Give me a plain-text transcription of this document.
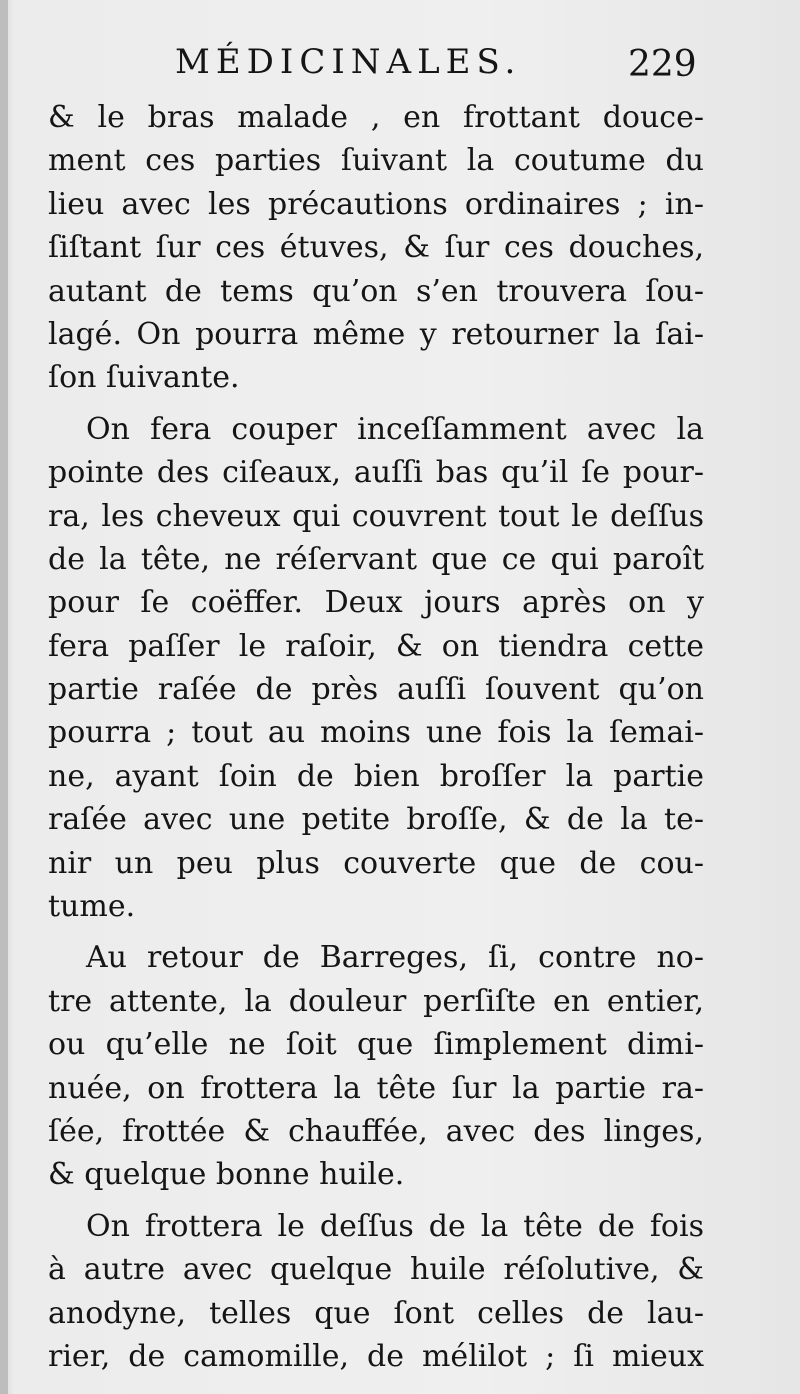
MÉDICINALES.	229
& le bras malade , en frottant douce-
ment ces parties ſuivant la coutume du
lieu avec les précautions ordinaires ; in-
ſiſtant ſur ces étuves, & ſur ces douches,
autant de tems qu’on s’en trouvera ſou-
lagé. On pourra même y retourner la ſai-
ſon ſuivante.
On fera couper inceſſamment avec la
pointe des ciſeaux, auſſi bas qu’il ſe pour-
ra, les cheveux qui couvrent tout le deſſus
de la tête, ne réſervant que ce qui paroît
pour ſe coëffer. Deux jours après on y
fera paſſer le raſoir, & on tiendra cette
partie raſée de près auſſi ſouvent qu’on
pourra ; tout au moins une fois la ſemai-
ne, ayant ſoin de bien broſſer la partie
raſée avec une petite broſſe, & de la te-
nir un peu plus couverte que de cou-
tume.
Au retour de Barreges, ſi, contre no-
tre attente, la douleur perſiſte en entier,
ou qu’elle ne ſoit que ſimplement dimi-
nuée, on frottera la tête ſur la partie ra-
ſée, frottée & chauffée, avec des linges,
& quelque bonne huile.
On frottera le deſſus de la tête de fois
à autre avec quelque huile réſolutive, &
anodyne, telles que ſont celles de lau-
rier, de camomille, de mélilot ; ſi mieux
